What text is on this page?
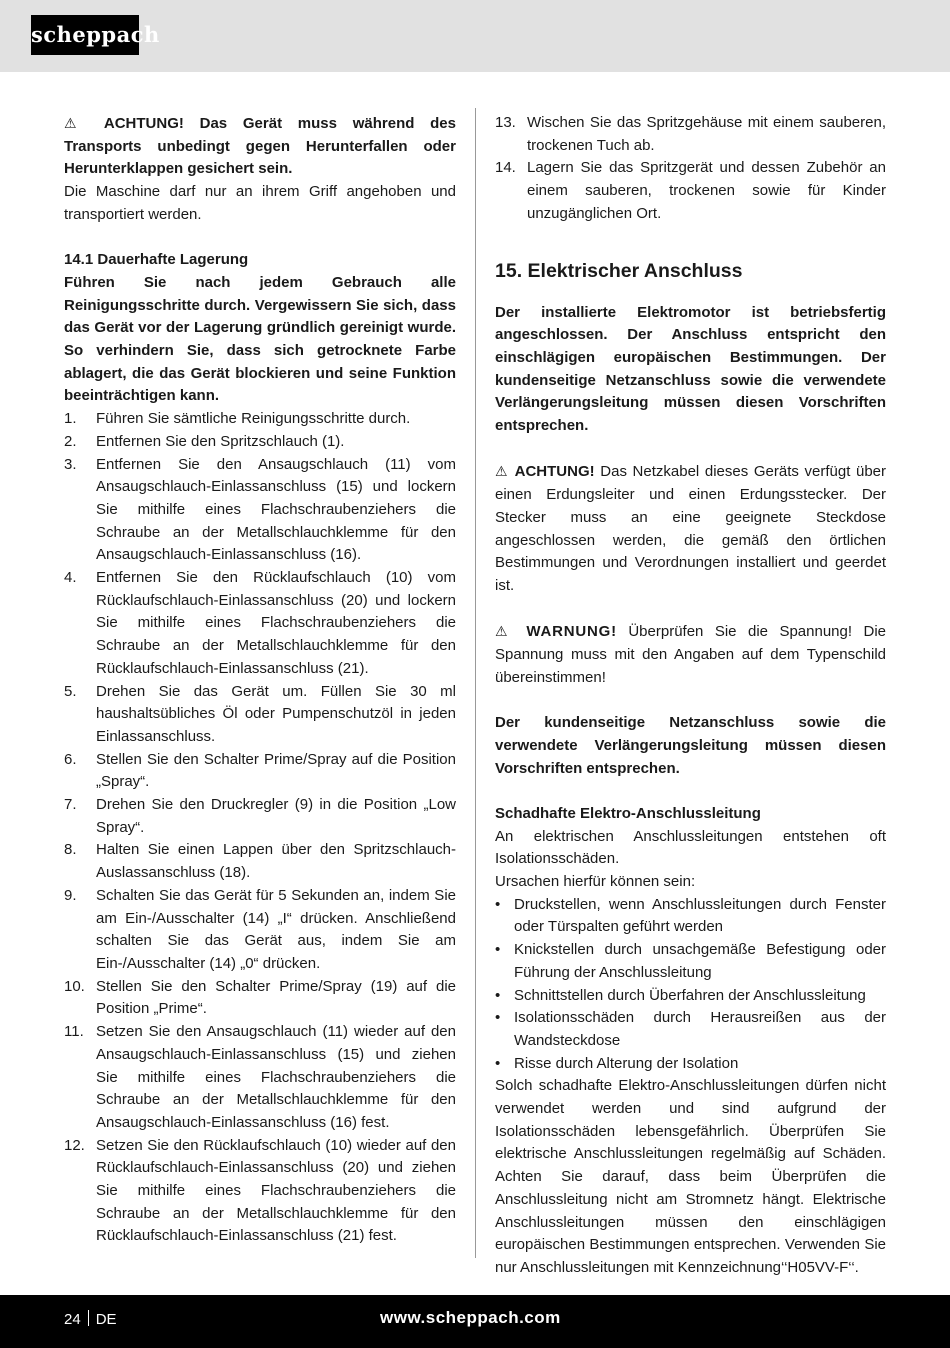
scheppach

⚠ ACHTUNG! Das Gerät muss während des Transports unbedingt gegen Herunterfallen oder Herunterklappen gesichert sein.

Die Maschine darf nur an ihrem Griff angehoben und transportiert werden.

14.1 Dauerhafte Lagerung

Führen Sie nach jedem Gebrauch alle Reinigungsschritte durch. Vergewissern Sie sich, dass das Gerät vor der Lagerung gründlich gereinigt wurde. So verhindern Sie, dass sich getrocknete Farbe ablagert, die das Gerät blockieren und seine Funktion beeinträchtigen kann.

1.	Führen Sie sämtliche Reinigungsschritte durch.
2.	Entfernen Sie den Spritzschlauch (1).
3.	Entfernen Sie den Ansaugschlauch (11) vom Ansaugschlauch-Einlassanschluss (15) und lockern Sie mithilfe eines Flachschraubenziehers die Schraube an der Metallschlauchklemme für den Ansaugschlauch-Einlassanschluss (16).
4.	Entfernen Sie den Rücklaufschlauch (10) vom Rücklaufschlauch-Einlassanschluss (20) und lockern Sie mithilfe eines Flachschraubenziehers die Schraube an der Metallschlauchklemme für den Rücklaufschlauch-Einlassanschluss (21).
5.	Drehen Sie das Gerät um. Füllen Sie 30 ml haushaltsübliches Öl oder Pumpenschutzöl in jeden Einlassanschluss.
6.	Stellen Sie den Schalter Prime/Spray auf die Position „Spray“.
7.	Drehen Sie den Druckregler (9) in die Position „Low Spray“.
8.	Halten Sie einen Lappen über den Spritzschlauch-Auslassanschluss (18).
9.	Schalten Sie das Gerät für 5 Sekunden an, indem Sie am Ein-/Ausschalter (14) „I“ drücken. Anschließend schalten Sie das Gerät aus, indem Sie am Ein-/Ausschalter (14) „0“ drücken.
10. Stellen Sie den Schalter Prime/Spray (19) auf die Position „Prime“.
11. Setzen Sie den Ansaugschlauch (11) wieder auf den Ansaugschlauch-Einlassanschluss (15) und ziehen Sie mithilfe eines Flachschraubenziehers die Schraube an der Metallschlauchklemme für den Ansaugschlauch-Einlassanschluss (16) fest.
12. Setzen Sie den Rücklaufschlauch (10) wieder auf den Rücklaufschlauch-Einlassanschluss (20) und ziehen Sie mithilfe eines Flachschraubenziehers die Schraube an der Metallschlauchklemme für den Rücklaufschlauch-Einlassanschluss (21) fest.
13. Wischen Sie das Spritzgehäuse mit einem sauberen, trockenen Tuch ab.
14. Lagern Sie das Spritzgerät und dessen Zubehör an einem sauberen, trockenen sowie für Kinder unzugänglichen Ort.
15. Elektrischer Anschluss

Der installierte Elektromotor ist betriebsfertig angeschlossen. Der Anschluss entspricht den einschlägigen europäischen Bestimmungen. Der kundenseitige Netzanschluss sowie die verwendete Verlängerungsleitung müssen diesen Vorschriften entsprechen.

⚠ ACHTUNG! Das Netzkabel dieses Geräts verfügt über einen Erdungsleiter und einen Erdungsstecker. Der Stecker muss an eine geeignete Steckdose angeschlossen werden, die gemäß den örtlichen Bestimmungen und Verordnungen installiert und geerdet ist.

⚠ WARNUNG! Überprüfen Sie die Spannung! Die Spannung muss mit den Angaben auf dem Typenschild übereinstimmen!

Der kundenseitige Netzanschluss sowie die verwendete Verlängerungsleitung müssen diesen Vorschriften entsprechen.

Schadhafte Elektro-Anschlussleitung

An elektrischen Anschlussleitungen entstehen oft Isolationsschäden.

Ursachen hierfür können sein:

• Druckstellen, wenn Anschlussleitungen durch Fenster oder Türspalten geführt werden
• Knickstellen durch unsachgemäße Befestigung oder Führung der Anschlussleitung
• Schnittstellen durch Überfahren der Anschlussleitung
• Isolationsschäden durch Herausreißen aus der Wandsteckdose
• Risse durch Alterung der Isolation

Solch schadhafte Elektro-Anschlussleitungen dürfen nicht verwendet werden und sind aufgrund der Isolationsschäden lebensgefährlich. Überprüfen Sie elektrische Anschlussleitungen regelmäßig auf Schäden. Achten Sie darauf, dass beim Überprüfen die Anschlussleitung nicht am Stromnetz hängt. Elektrische Anschlussleitungen müssen den einschlägigen europäischen Bestimmungen entsprechen. Verwenden Sie nur Anschlussleitungen mit Kennzeichnung‘‘H05VV-F‘‘.

24 DE	www.scheppach.com
